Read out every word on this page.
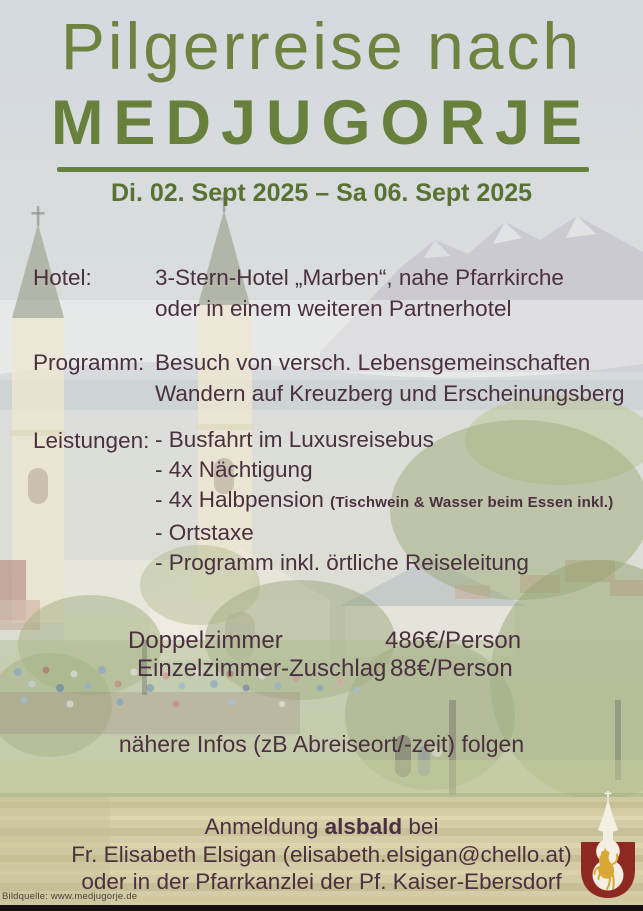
Pilgerreise nach
MEDJUGORJE
Di. 02. Sept 2025 – Sa 06. Sept 2025
Hotel:	3-Stern-Hotel „Marben“, nahe Pfarrkirche
oder in einem weiteren Partnerhotel
Programm: Besuch von versch. Lebensgemeinschaften
Wandern auf Kreuzberg und Erscheinungsberg
Leistungen: - Busfahrt im Luxusreisebus
- 4x Nächtigung
- 4x Halbpension (Tischwein & Wasser beim Essen inkl.)
- Ortstaxe
- Programm inkl. örtliche Reiseleitung
Doppelzimmer	486€/Person
Einzelzimmer-Zuschlag 88€/Person
nähere Infos (zB Abreiseort/-zeit) folgen
Anmeldung alsbald bei
Fr. Elisabeth Elsigan (elisabeth.elsigan@chello.at)
oder in der Pfarrkanzlei der Pf. Kaiser-Ebersdorf
Bildquelle: www.medjugorje.de
